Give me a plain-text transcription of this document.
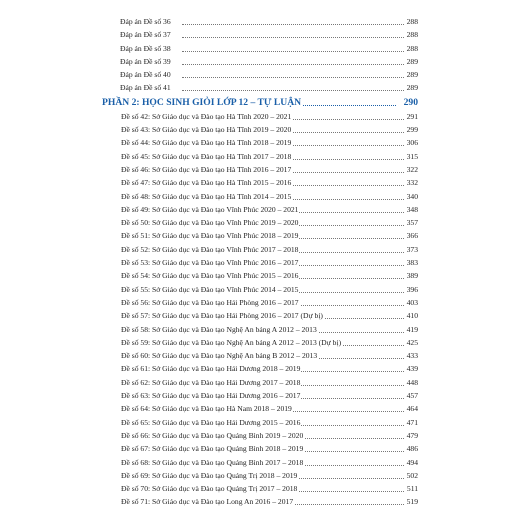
Đáp án Đề số 36	288
Đáp án Đề số 37	288
Đáp án Đề số 38	288
Đáp án Đề số 39	289
Đáp án Đề số 40	289
Đáp án Đề số 41	289
PHẦN 2: HỌC SINH GIỎI LỚP 12 – TỰ LUẬN	290
Đề số 42: Sở Giáo dục và Đào tạo Hà Tĩnh 2020 – 2021	291
Đề số 43: Sở Giáo dục và Đào tạo Hà Tĩnh 2019 – 2020	299
Đề số 44: Sở Giáo dục và Đào tạo Hà Tĩnh 2018 – 2019	306
Đề số 45: Sở Giáo dục và Đào tạo Hà Tĩnh 2017 – 2018	315
Đề số 46: Sở Giáo dục và Đào tạo Hà Tĩnh 2016 – 2017	322
Đề số 47: Sở Giáo dục và Đào tạo Hà Tĩnh 2015 – 2016	332
Đề số 48: Sở Giáo dục và Đào tạo Hà Tĩnh 2014 – 2015	340
Đề số 49: Sở Giáo dục và Đào tạo Vĩnh Phúc 2020 – 2021	348
Đề số 50: Sở Giáo dục và Đào tạo Vĩnh Phúc 2019 – 2020	357
Đề số 51: Sở Giáo dục và Đào tạo Vĩnh Phúc 2018 – 2019	366
Đề số 52: Sở Giáo dục và Đào tạo Vĩnh Phúc 2017 – 2018	373
Đề số 53: Sở Giáo dục và Đào tạo Vĩnh Phúc 2016 – 2017	383
Đề số 54: Sở Giáo dục và Đào tạo Vĩnh Phúc 2015 – 2016	389
Đề số 55: Sở Giáo dục và Đào tạo Vĩnh Phúc 2014 – 2015	396
Đề số 56: Sở Giáo dục và Đào tạo Hải Phòng 2016 – 2017	403
Đề số 57: Sở Giáo dục và Đào tạo Hải Phòng 2016 – 2017 (Dự bị)	410
Đề số 58: Sở Giáo dục và Đào tạo Nghệ An bảng A 2012 – 2013	419
Đề số 59: Sở Giáo dục và Đào tạo Nghệ An bảng A 2012 – 2013 (Dự bị)	425
Đề số 60: Sở Giáo dục và Đào tạo Nghệ An bảng B 2012 – 2013	433
Đề số 61: Sở Giáo dục và Đào tạo Hải Dương 2018 – 2019	439
Đề số 62: Sở Giáo dục và Đào tạo Hải Dương 2017 – 2018	448
Đề số 63: Sở Giáo dục và Đào tạo Hải Dương 2016 – 2017	457
Đề số 64: Sở Giáo dục và Đào tạo Hà Nam 2018 – 2019	464
Đề số 65: Sở Giáo dục và Đào tạo Hải Dương 2015 – 2016	471
Đề số 66: Sở Giáo dục và Đào tạo Quảng Bình 2019 – 2020	479
Đề số 67: Sở Giáo dục và Đào tạo Quảng Bình 2018 – 2019	486
Đề số 68: Sở Giáo dục và Đào tạo Quảng Bình 2017 – 2018	494
Đề số 69: Sở Giáo dục và Đào tạo Quảng Trị 2018 – 2019	502
Đề số 70: Sở Giáo dục và Đào tạo Quảng Trị 2017 – 2018	511
Đề số 71: Sở Giáo dục và Đào tạo Long An 2016 – 2017	519
